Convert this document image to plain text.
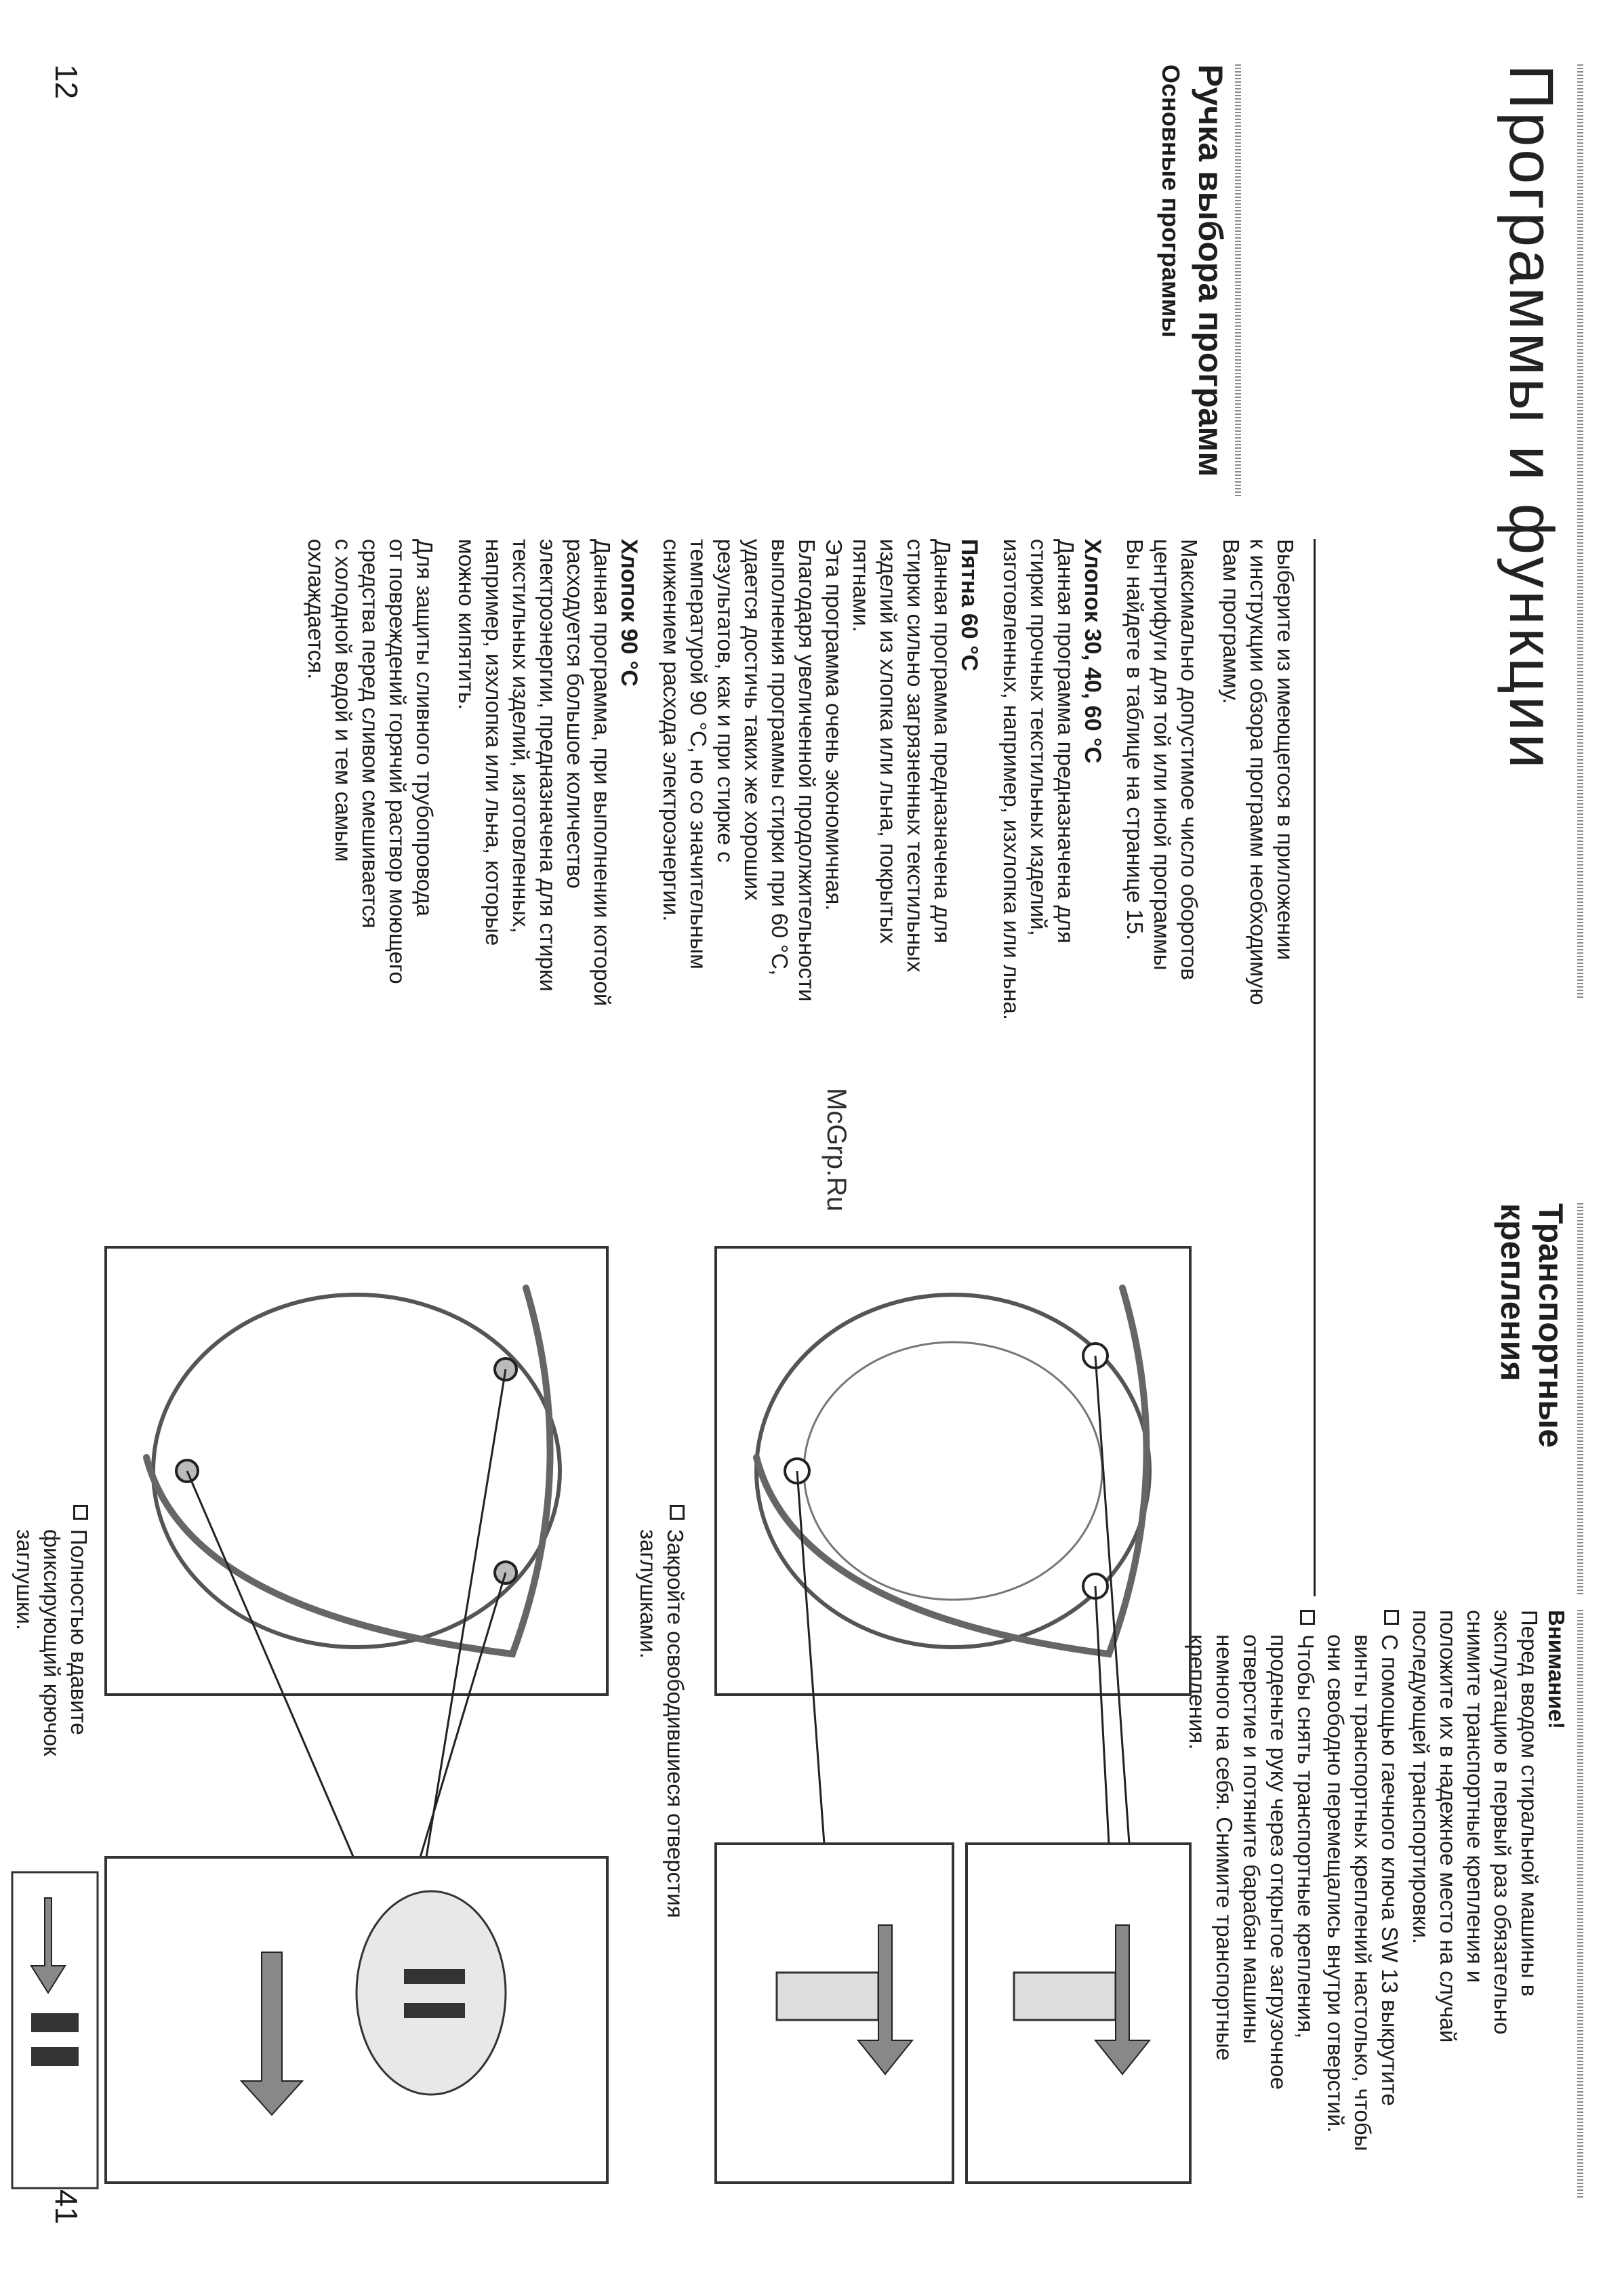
12	Программы и функции
Ручка выбора программ
Основные программы

Выберите из имеющегося в приложении
к инструкции обзора программ необходимую
Вам программу.

Максимально допустимое число оборотов
центрифуги для той или иной программы
Вы найдете в таблице на странице 15.

Хлопок 30, 40, 60 °C

Данная программа предназначена для
стирки прочных текстильных изделий,
изготовленных, например, изхлопка или льна.

Пятна 60 °C

Данная программа предназначена для
стирки сильно загрязненных текстильных
изделий из хлопка или льна, покрытых
пятнами.
Эта программа очень экономичная.
Благодаря увеличенной продолжительности
выполнения программы стирки при 60 °C,
удается достичь таких же хороших
результатов, как и при стирке с
температурой 90 °C, но со значительным
снижением расхода электроэнергии.

Хлопок 90 °C

Данная программа, при выполнении которой
расходуется большое количество
электроэнергии, предназначена для стирки
текстильных изделий, изготовленных,
например, изхлопка или льна, которые
можно кипятить.

Для защиты сливного трубопровода
от повреждений горячий раствор моющего
средства перед сливом смешивается
с холодной водой и тем самым
охлаждается.

McGrp.Ru
41
Транспортные крепления
Внимание!

Перед вводом стиральной машины в
эксплуатацию в первый раз обязательно
снимите транспортные крепления и
положите их в надежное место на случай
последующей транспортировки.

С помощью гаечного ключа SW 13 выкрутите
винты транспортных креплений настолько, чтобы
они свободно перемещались внутри отверстий.
Чтобы снять транспортные крепления,
проденьте руку через открытое загрузочное
отверстие и потяните барабан машины
немного на себя. Снимите транспортные
крепления.
Закройте освободившиеся отверстия
заглушками.
Полностью вдавите
фиксирующий крючок
заглушки.
